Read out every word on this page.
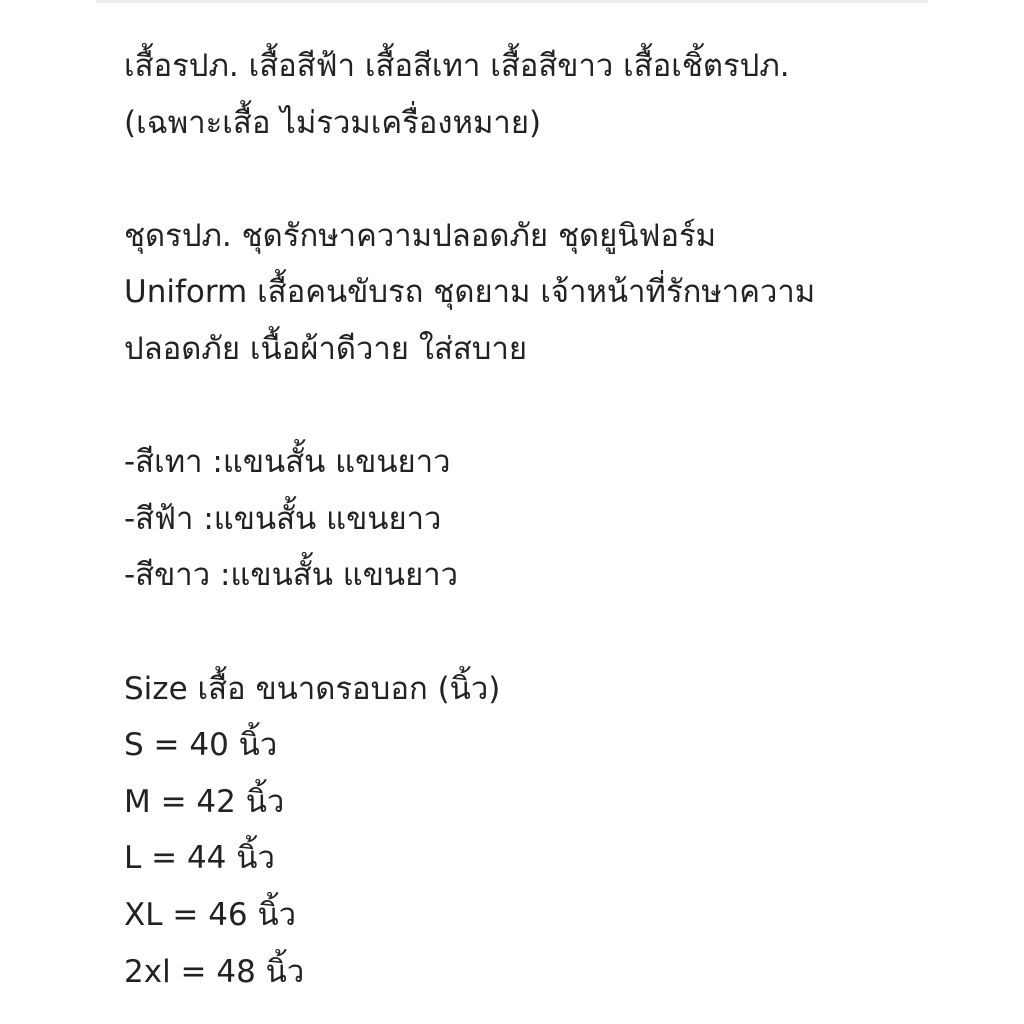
เสื้อรปภ. เสื้อสีฟ้า เสื้อสีเทา เสื้อสีขาว เสื้อเชิ้ตรปภ.
(เฉพาะเสื้อ ไม่รวมเครื่องหมาย)
ชุดรปภ. ชุดรักษาความปลอดภัย ชุดยูนิฟอร์ม
Uniform เสื้อคนขับรถ ชุดยาม เจ้าหน้าที่รักษาความ
ปลอดภัย เนื้อผ้าดีวาย ใส่สบาย
-สีเทา :แขนสั้น แขนยาว
-สีฟ้า :แขนสั้น แขนยาว
-สีขาว :แขนสั้น แขนยาว
Size เสื้อ ขนาดรอบอก (นิ้ว)
S = 40 นิ้ว
M = 42 นิ้ว
L = 44 นิ้ว
XL = 46 นิ้ว
2xl = 48 นิ้ว
